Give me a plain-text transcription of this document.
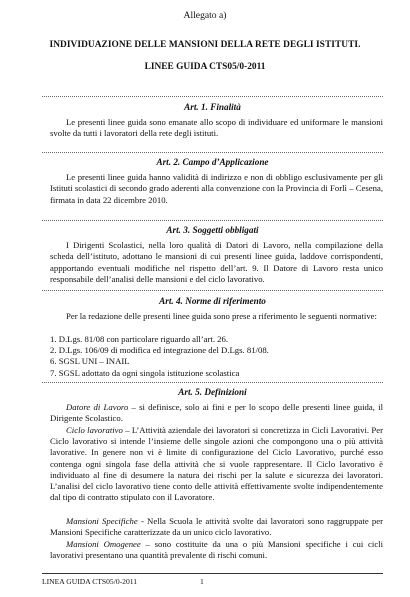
Allegato a)
INDIVIDUAZIONE DELLE MANSIONI DELLA RETE DEGLI ISTITUTI.
LINEE GUIDA CTS05/0-2011
Art. 1. Finalità

Le presenti linee guida sono emanate allo scopo di individuare ed uniformare le mansioni svolte da tutti i lavoratori della rete degli istituti.

Art. 2. Campo d’Applicazione

Le presenti linee guida hanno validità di indirizzo e non di obbligo esclusivamente per gli Istituti scolastici di secondo grado aderenti alla convenzione con la Provincia di Forlì – Cesena, firmata in data 22 dicembre 2010.

Art. 3. Soggetti obbligati

I Dirigenti Scolastici, nella loro qualità di Datori di Lavoro, nella compilazione della scheda dell’istituto, adottano le mansioni di cui presenti linee guida, laddove corrispondenti, appportando eventuali modifiche nel rispetto dell’art. 9. Il Datore di Lavoro resta unico responsabile dell’analisi delle mansioni e del ciclo lavorativo.

Art. 4. Norme di riferimento

Per la redazione delle presenti linee guida sono prese a riferimento le seguenti normative:

1. D.Lgs. 81/08 con particolare riguardo all’art. 26.
2. D.Lgs. 106/09 di modifica ed integrazione del D.Lgs. 81/08.
6. SGSL UNI – INAIL
7. SGSL adottato da ogni singola istituzione scolastica
Art. 5. Definizioni

Datore di Lavoro – si definisce, solo ai fini e per lo scopo delle presenti linee guida, il Dirigente Scolastico.

Ciclo lavorativo – L’Attività aziendale dei lavoratori si concretizza in Cicli Lavorativi. Per Ciclo lavorativo si intende l’insieme delle singole azioni che compongono una o più attività lavorative. In genere non vi è limite di configurazione del Ciclo Lavorativo, purché esso contenga ogni singola fase della attività che si vuole rappresentare. Il Ciclo lavorativo è individuato al fine di desumere la natura dei rischi per la salute e sicurezza dei lavoratori. L’analisi del ciclo lavorativo tiene conto delle attività effettivamente svolte indipendentemente dal tipo di contratto stipulato con il Lavoratore.

Mansioni Specifiche - Nella Scuola le attività svolte dai lavoratori sono raggruppate per Mansioni Specifiche caratterizzate da un unico ciclo lavorativo.

Mansioni Omogenee – sono costituite da una o più Mansioni specifiche i cui cicli lavorativi presentano una quantità prevalente di rischi comuni.

LINEA GUIDA CTS05/0-2011	1
